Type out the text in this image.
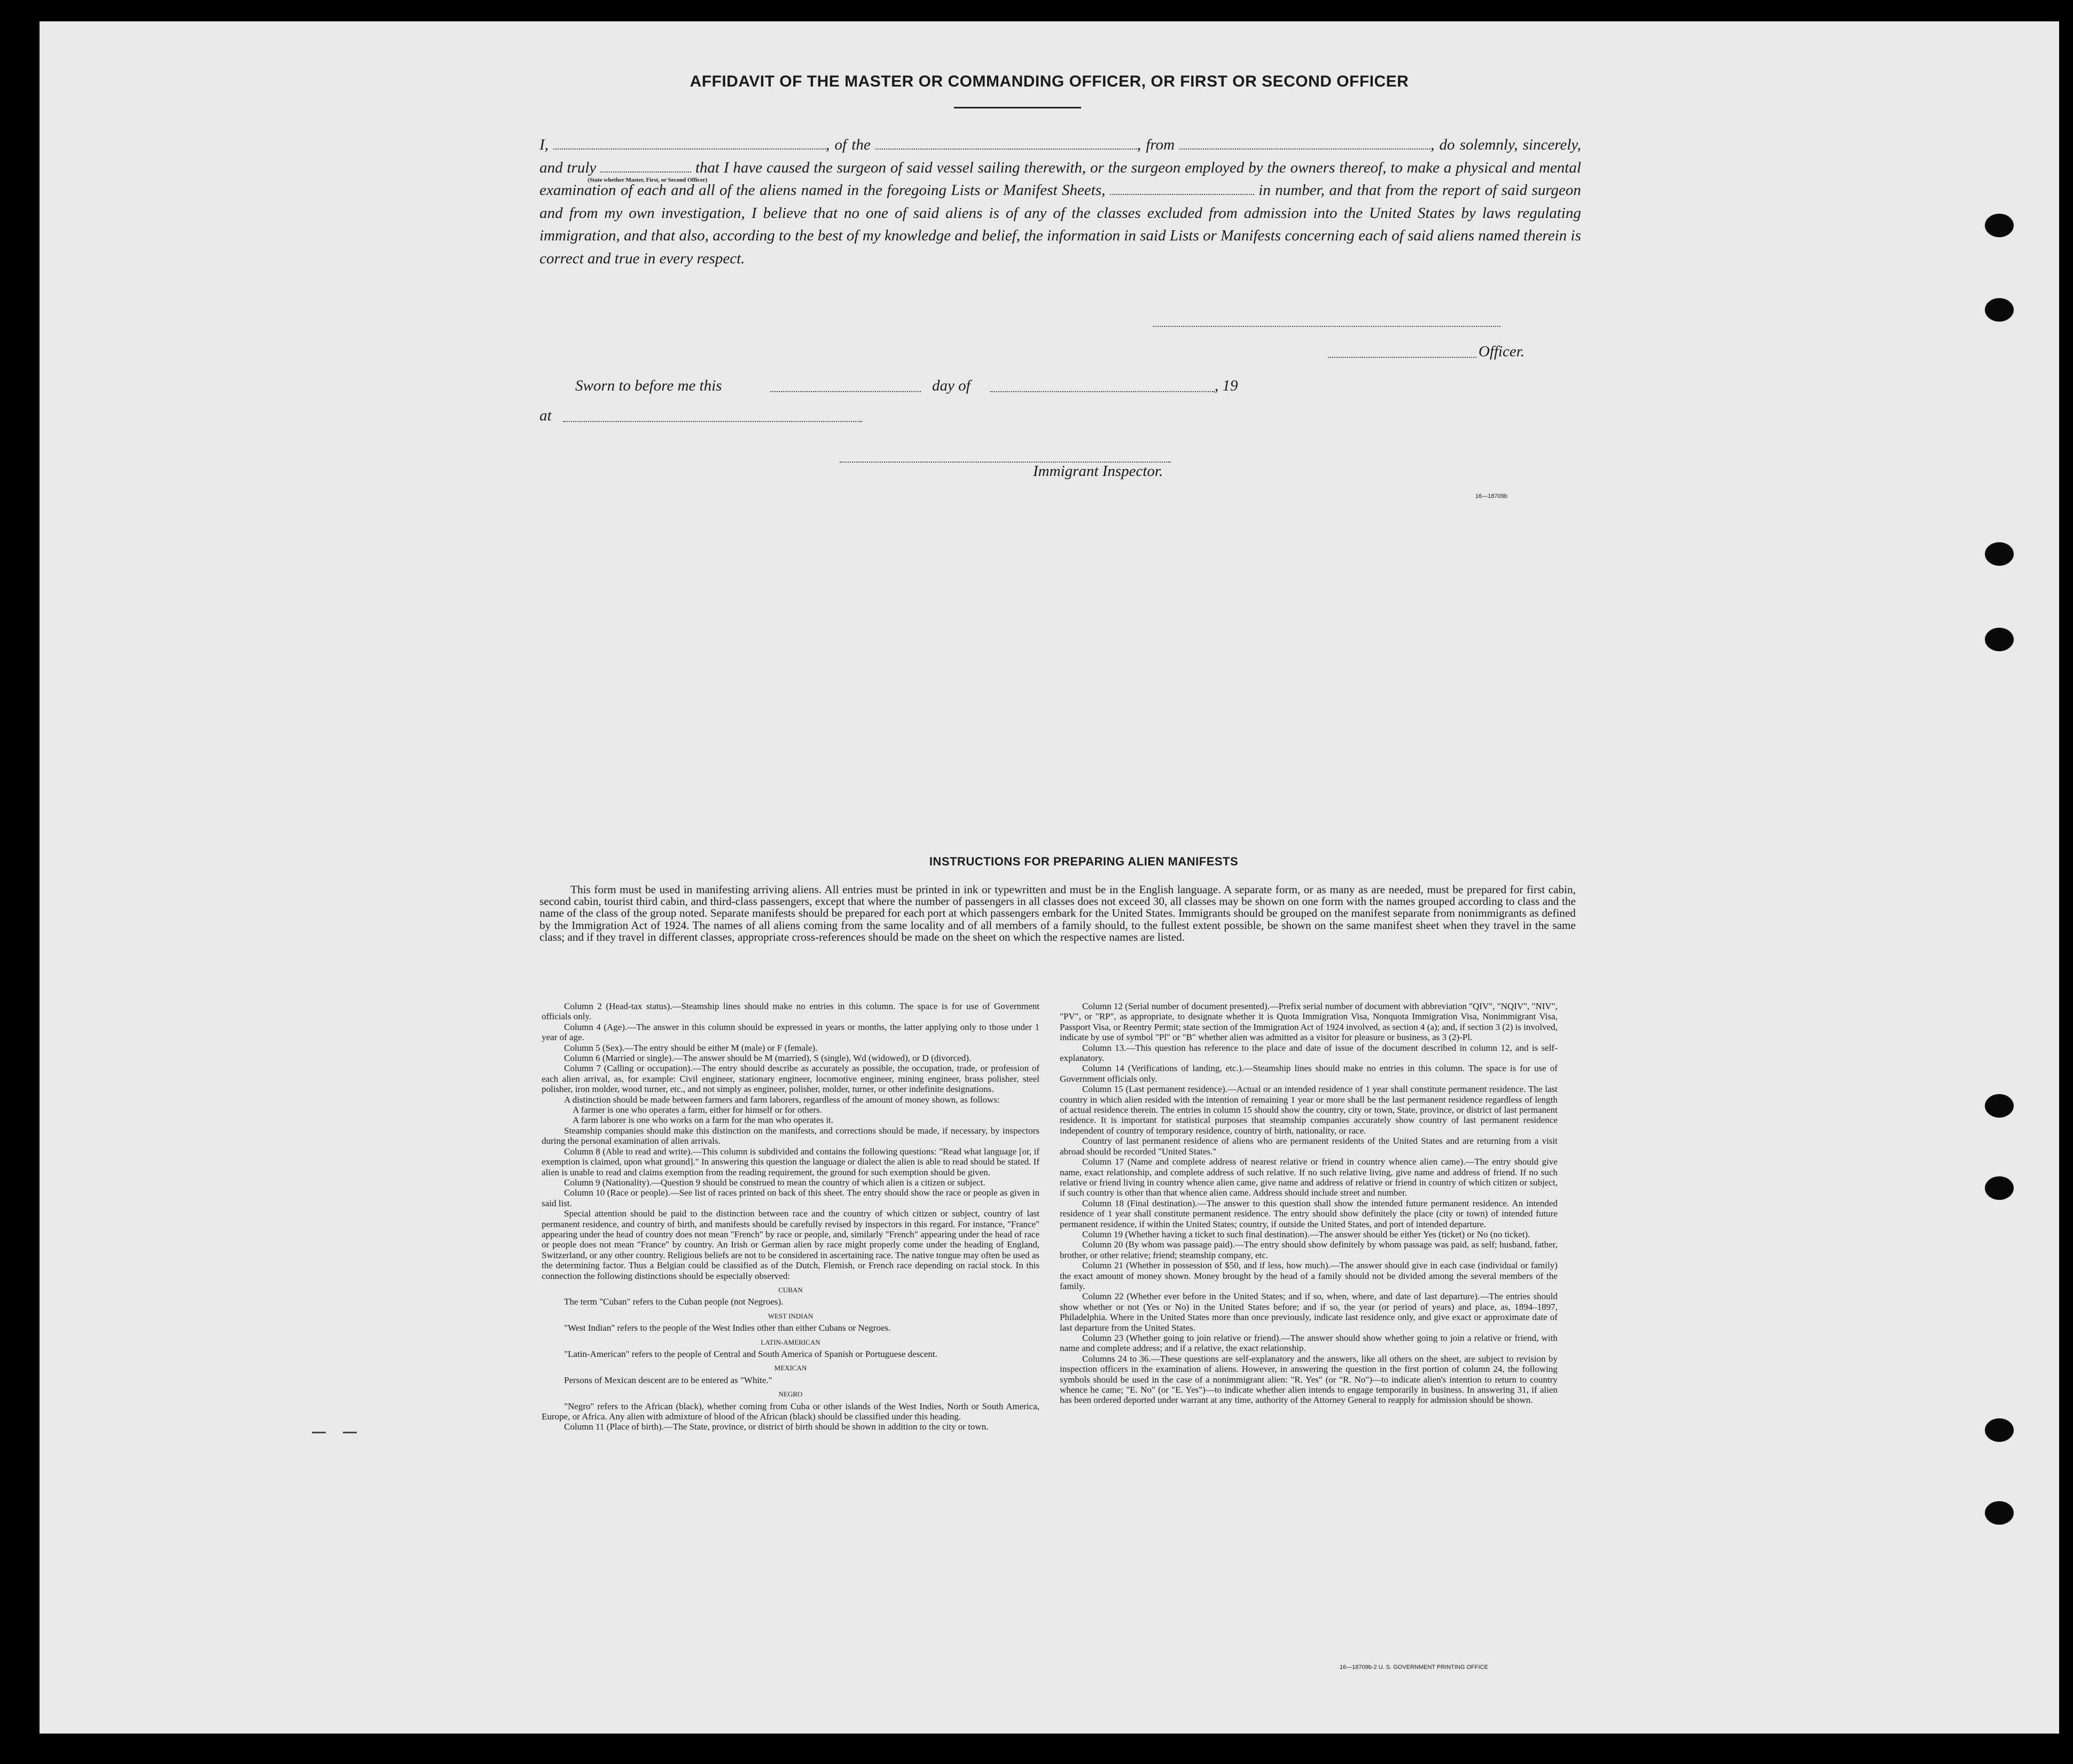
AFFIDAVIT OF THE MASTER OR COMMANDING OFFICER, OR FIRST OR SECOND OFFICER
I,
(State whether Master, First, or Second Officer)
, of the	, from	, do solemnly, sincerely, and truly	that I have caused the surgeon of said vessel sailing therewith, or the surgeon employed by the owners thereof, to make a physical and mental examination of each and all of the aliens named in the foregoing Lists or Manifest Sheets,	in number, and that from the report of said surgeon and from my own investigation, I believe that no one of said aliens is of any of the classes excluded from admission into the United States by laws regulating immigration, and that also, according to the best of my knowledge and belief, the information in said Lists or Manifests concerning each of said aliens named therein is correct and true in every respect.
Officer.
Sworn to before me this	day of	, 19
at
Immigrant Inspector.
16—18709b
INSTRUCTIONS FOR PREPARING ALIEN MANIFESTS
This form must be used in manifesting arriving aliens. All entries must be printed in ink or typewritten and must be in the English language. A separate form, or as many as are needed, must be prepared for first cabin, second cabin, tourist third cabin, and third-class passengers, except that where the number of passengers in all classes does not exceed 30, all classes may be shown on one form with the names grouped according to class and the name of the class of the group noted. Separate manifests should be prepared for each port at which passengers embark for the United States. Immigrants should be grouped on the manifest separate from nonimmigrants as defined by the Immigration Act of 1924. The names of all aliens coming from the same locality and of all members of a family should, to the fullest extent possible, be shown on the same manifest sheet when they travel in the same class; and if they travel in different classes, appropriate cross-references should be made on the sheet on which the respective names are listed.

Column 2 (Head-tax status).—Steamship lines should make no entries in this column. The space is for use of Government officials only.

Column 4 (Age).—The answer in this column should be expressed in years or months, the latter applying only to those under 1 year of age.

Column 5 (Sex).—The entry should be either M (male) or F (female).

Column 6 (Married or single).—The answer should be M (married), S (single), Wd (widowed), or D (divorced).

Column 7 (Calling or occupation).—The entry should describe as accurately as possible, the occupation, trade, or profession of each alien arrival, as, for example: Civil engineer, stationary engineer, locomotive engineer, mining engineer, brass polisher, steel polisher, iron molder, wood turner, etc., and not simply as engineer, polisher, molder, turner, or other indefinite designations.

A distinction should be made between farmers and farm laborers, regardless of the amount of money shown, as follows:

A farmer is one who operates a farm, either for himself or for others.

A farm laborer is one who works on a farm for the man who operates it.

Steamship companies should make this distinction on the manifests, and corrections should be made, if necessary, by inspectors during the personal examination of alien arrivals.

Column 8 (Able to read and write).—This column is subdivided and contains the following questions: "Read what language [or, if exemption is claimed, upon what ground]." In answering this question the language or dialect the alien is able to read should be stated. If alien is unable to read and claims exemption from the reading requirement, the ground for such exemption should be given.

Column 9 (Nationality).—Question 9 should be construed to mean the country of which alien is a citizen or subject.

Column 10 (Race or people).—See list of races printed on back of this sheet. The entry should show the race or people as given in said list.

Special attention should be paid to the distinction between race and the country of which citizen or subject, country of last permanent residence, and country of birth, and manifests should be carefully revised by inspectors in this regard. For instance, "France" appearing under the head of country does not mean "French" by race or people, and, similarly "French" appearing under the head of race or people does not mean "France" by country. An Irish or German alien by race might properly come under the heading of England, Switzerland, or any other country. Religious beliefs are not to be considered in ascertaining race. The native tongue may often be used as the determining factor. Thus a Belgian could be classified as of the Dutch, Flemish, or French race depending on racial stock. In this connection the following distinctions should be especially observed:

CUBAN

The term "Cuban" refers to the Cuban people (not Negroes).

WEST INDIAN

"West Indian" refers to the people of the West Indies other than either Cubans or Negroes.

LATIN-AMERICAN

"Latin-American" refers to the people of Central and South America of Spanish or Portuguese descent.

MEXICAN

Persons of Mexican descent are to be entered as "White."

NEGRO

"Negro" refers to the African (black), whether coming from Cuba or other islands of the West Indies, North or South America, Europe, or Africa. Any alien with admixture of blood of the African (black) should be classified under this heading.

Column 11 (Place of birth).—The State, province, or district of birth should be shown in addition to the city or town.

Column 12 (Serial number of document presented).—Prefix serial number of document with abbreviation "QIV", "NQIV", "NIV", "PV", or "RP", as appropriate, to designate whether it is Quota Immigration Visa, Nonquota Immigration Visa, Nonimmigrant Visa, Passport Visa, or Reentry Permit; state section of the Immigration Act of 1924 involved, as section 4 (a); and, if section 3 (2) is involved, indicate by use of symbol "Pl" or "B" whether alien was admitted as a visitor for pleasure or business, as 3 (2)-Pl.

Column 13.—This question has reference to the place and date of issue of the document described in column 12, and is self-explanatory.

Column 14 (Verifications of landing, etc.).—Steamship lines should make no entries in this column. The space is for use of Government officials only.

Column 15 (Last permanent residence).—Actual or an intended residence of 1 year shall constitute permanent residence. The last country in which alien resided with the intention of remaining 1 year or more shall be the last permanent residence regardless of length of actual residence therein. The entries in column 15 should show the country, city or town, State, province, or district of last permanent residence. It is important for statistical purposes that steamship companies accurately show country of last permanent residence independent of country of temporary residence, country of birth, nationality, or race.

Country of last permanent residence of aliens who are permanent residents of the United States and are returning from a visit abroad should be recorded "United States."

Column 17 (Name and complete address of nearest relative or friend in country whence alien came).—The entry should give name, exact relationship, and complete address of such relative. If no such relative living, give name and address of friend. If no such relative or friend living in country whence alien came, give name and address of relative or friend in country of which citizen or subject, if such country is other than that whence alien came. Address should include street and number.

Column 18 (Final destination).—The answer to this question shall show the intended future permanent residence. An intended residence of 1 year shall constitute permanent residence. The entry should show definitely the place (city or town) of intended future permanent residence, if within the United States; country, if outside the United States, and port of intended departure.

Column 19 (Whether having a ticket to such final destination).—The answer should be either Yes (ticket) or No (no ticket).

Column 20 (By whom was passage paid).—The entry should show definitely by whom passage was paid, as self; husband, father, brother, or other relative; friend; steamship company, etc.

Column 21 (Whether in possession of $50, and if less, how much).—The answer should give in each case (individual or family) the exact amount of money shown. Money brought by the head of a family should not be divided among the several members of the family.

Column 22 (Whether ever before in the United States; and if so, when, where, and date of last departure).—The entries should show whether or not (Yes or No) in the United States before; and if so, the year (or period of years) and place, as, 1894–1897, Philadelphia. Where in the United States more than once previously, indicate last residence only, and give exact or approximate date of last departure from the United States.

Column 23 (Whether going to join relative or friend).—The answer should show whether going to join a relative or friend, with name and complete address; and if a relative, the exact relationship.

Columns 24 to 36.—These questions are self-explanatory and the answers, like all others on the sheet, are subject to revision by inspection officers in the examination of aliens. However, in answering the question in the first portion of column 24, the following symbols should be used in the case of a nonimmigrant alien: "R. Yes" (or "R. No")—to indicate alien's intention to return to country whence he came; "E. No" (or "E. Yes")—to indicate whether alien intends to engage temporarily in business. In answering 31, if alien has been ordered deported under warrant at any time, authority of the Attorney General to reapply for admission should be shown.

16—18709b-2 U. S. GOVERNMENT PRINTING OFFICE
